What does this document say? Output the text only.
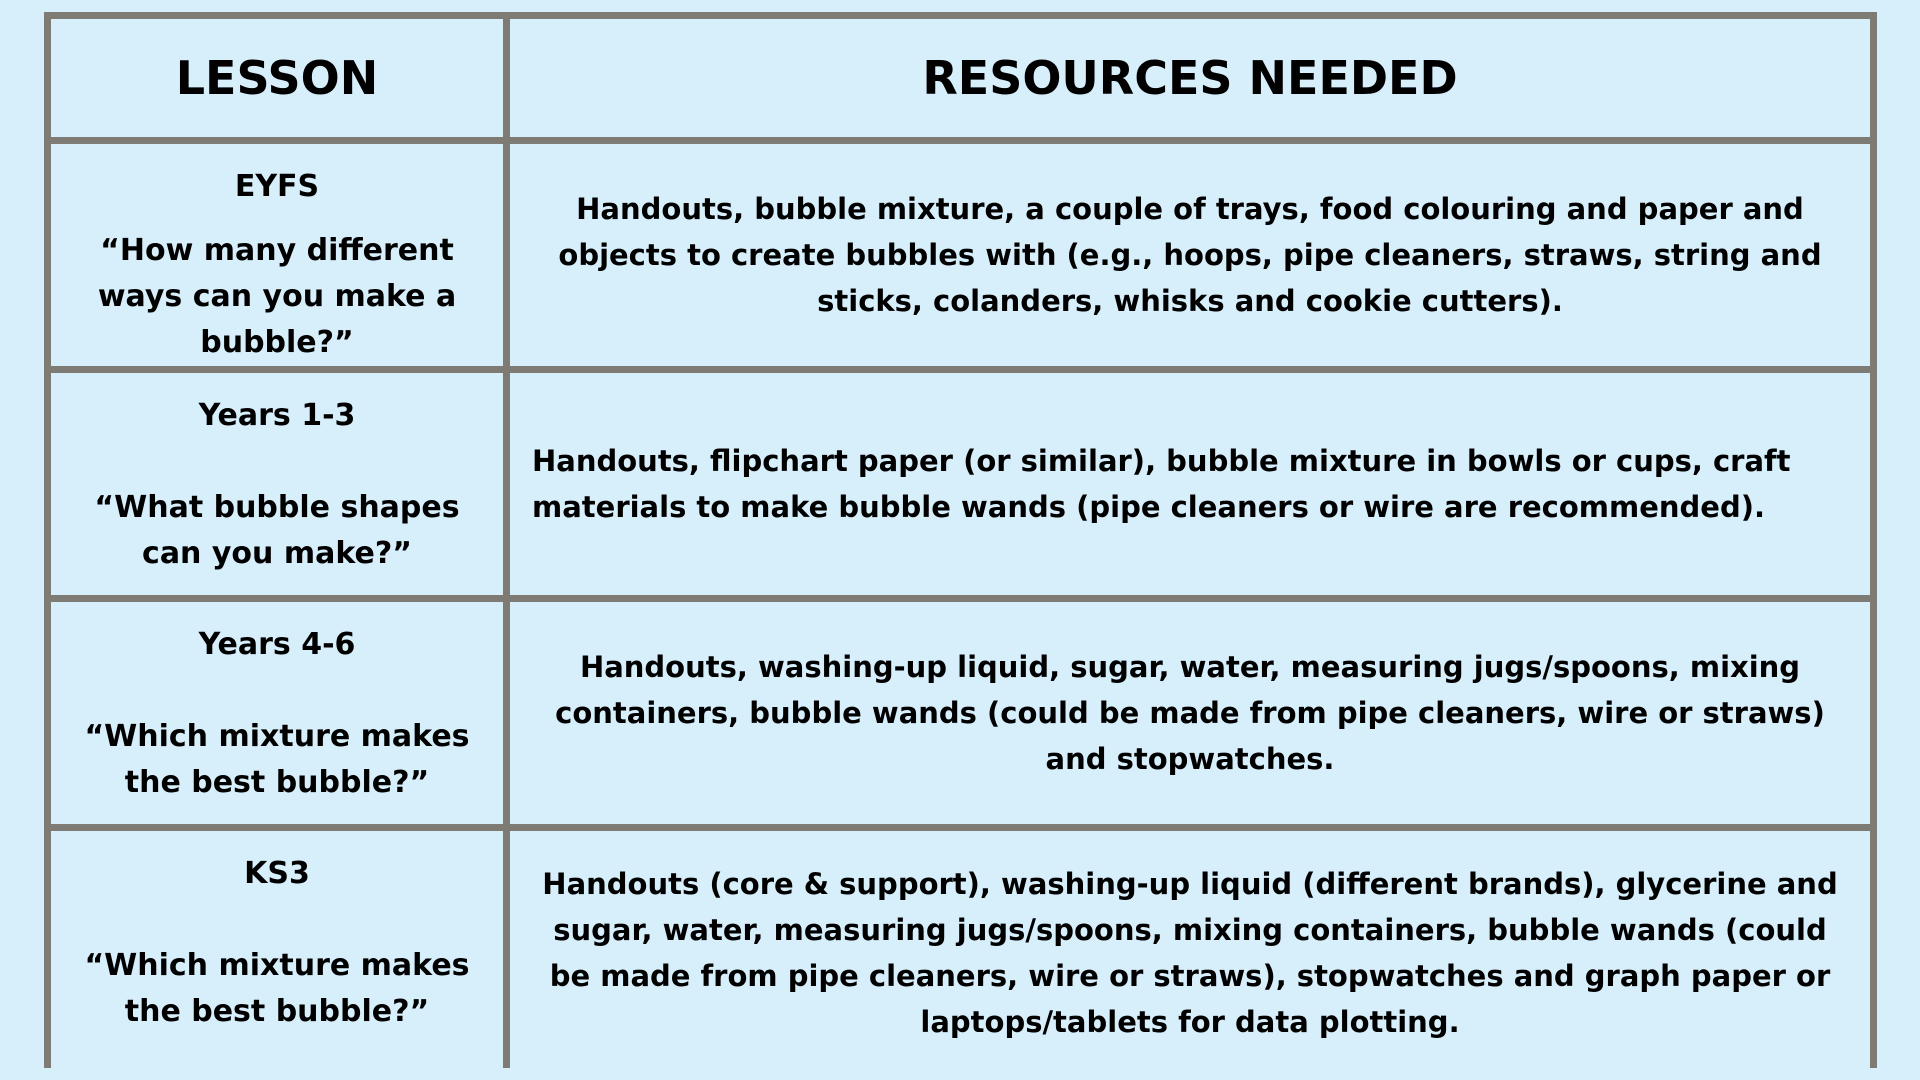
LESSON	RESOURCES NEEDED
EYFS
“How many different ways can you make a bubble?”
Handouts, bubble mixture, a couple of trays, food colouring and paper and objects to create bubbles with (e.g., hoops, pipe cleaners, straws, string and sticks, colanders, whisks and cookie cutters).
Years 1-3
“What bubble shapes can you make?”
Handouts, flipchart paper (or similar), bubble mixture in bowls or cups, craft materials to make bubble wands (pipe cleaners or wire are recommended).
Years 4-6
“Which mixture makes the best bubble?”
Handouts, washing-up liquid, sugar, water, measuring jugs/spoons, mixing containers, bubble wands (could be made from pipe cleaners, wire or straws) and stopwatches.
KS3
“Which mixture makes the best bubble?”
Handouts (core & support), washing-up liquid (different brands), glycerine and sugar, water, measuring jugs/spoons, mixing containers, bubble wands (could be made from pipe cleaners, wire or straws), stopwatches and graph paper or laptops/tablets for data plotting.
